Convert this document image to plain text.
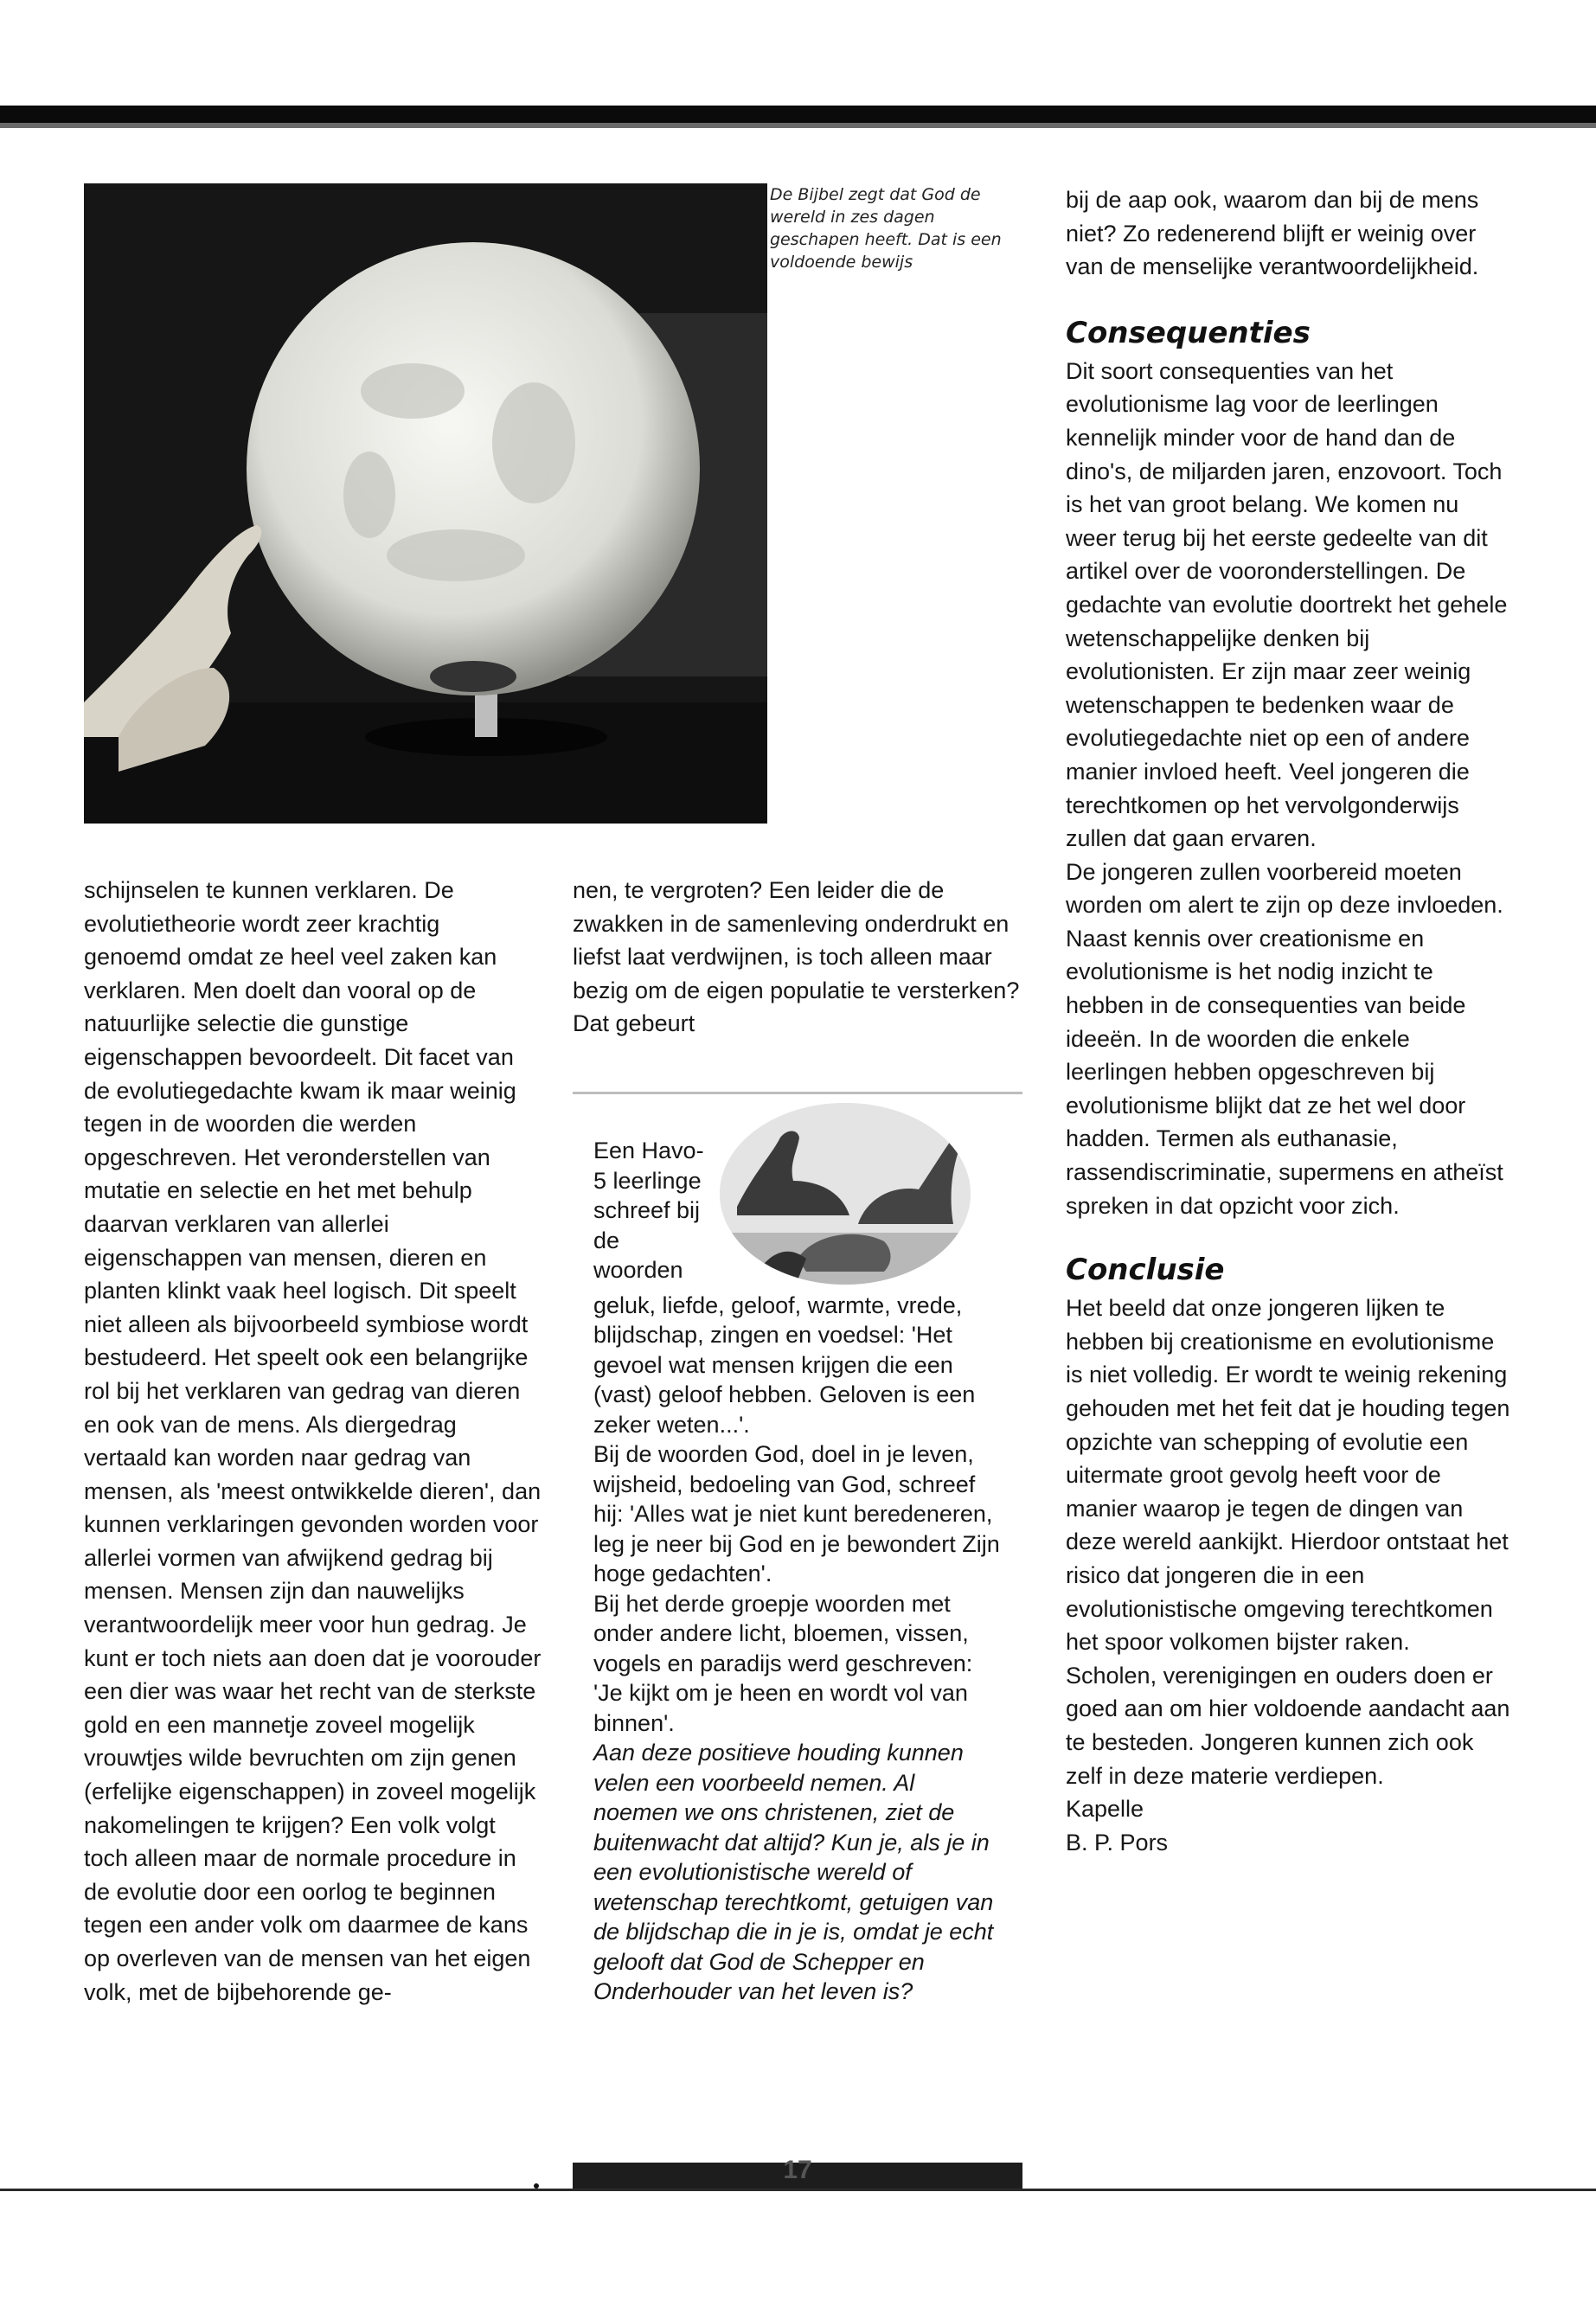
De Bijbel zegt dat God de wereld in zes dagen geschapen heeft. Dat is een voldoende bewijs

schijnselen te kunnen verklaren. De evolutietheorie wordt zeer krachtig genoemd omdat ze heel veel zaken kan verklaren. Men doelt dan vooral op de natuurlijke selectie die gunstige eigenschappen bevoordeelt. Dit facet van de evolutiegedachte kwam ik maar weinig tegen in de woorden die werden opgeschreven. Het veronderstellen van mutatie en selectie en het met behulp daarvan verklaren van allerlei eigenschappen van mensen, dieren en planten klinkt vaak heel logisch. Dit speelt niet alleen als bijvoorbeeld symbiose wordt bestudeerd. Het speelt ook een belangrijke rol bij het verklaren van gedrag van dieren en ook van de mens. Als diergedrag vertaald kan worden naar gedrag van mensen, als 'meest ontwikkelde dieren', dan kunnen verklaringen gevonden worden voor allerlei vormen van afwijkend gedrag bij mensen. Mensen zijn dan nauwelijks verantwoordelijk meer voor hun gedrag. Je kunt er toch niets aan doen dat je voorouder een dier was waar het recht van de sterkste gold en een mannetje zoveel mogelijk vrouwtjes wilde bevruchten om zijn genen (erfelijke eigenschappen) in zoveel mogelijk nakomelingen te krijgen? Een volk volgt toch alleen maar de normale procedure in de evolutie door een oorlog te beginnen tegen een ander volk om daarmee de kans op overleven van de mensen van het eigen volk, met de bijbehorende ge-

nen, te vergroten? Een leider die de zwakken in de samenleving onderdrukt en liefst laat verdwijnen, is toch alleen maar bezig om de eigen populatie te versterken? Dat gebeurt

Een Havo-5 leerlinge schreef bij de woorden

geluk, liefde, geloof, warmte, vrede, blijdschap, zingen en voedsel: 'Het gevoel wat mensen krijgen die een (vast) geloof hebben. Geloven is een zeker weten...'.

Bij de woorden God, doel in je leven, wijsheid, bedoeling van God, schreef hij: 'Alles wat je niet kunt beredeneren, leg je neer bij God en je bewondert Zijn hoge gedachten'.

Bij het derde groepje woorden met onder andere licht, bloemen, vissen, vogels en paradijs werd geschreven: 'Je kijkt om je heen en wordt vol van binnen'.

Aan deze positieve houding kunnen velen een voorbeeld nemen. Al noemen we ons christenen, ziet de buitenwacht dat altijd? Kun je, als je in een evolutionistische wereld of wetenschap terechtkomt, getuigen van de blijdschap die in je is, omdat je echt gelooft dat God de Schepper en Onderhouder van het leven is?

bij de aap ook, waarom dan bij de mens niet? Zo redenerend blijft er weinig over van de menselijke verantwoordelijkheid.

Consequenties

Dit soort consequenties van het evolutionisme lag voor de leerlingen kennelijk minder voor de hand dan de dino's, de miljarden jaren, enzovoort. Toch is het van groot belang. We komen nu weer terug bij het eerste gedeelte van dit artikel over de vooronderstellingen. De gedachte van evolutie doortrekt het gehele wetenschappelijke denken bij evolutionisten. Er zijn maar zeer weinig wetenschappen te bedenken waar de evolutiegedachte niet op een of andere manier invloed heeft. Veel jongeren die terechtkomen op het vervolgonderwijs zullen dat gaan ervaren.

De jongeren zullen voorbereid moeten worden om alert te zijn op deze invloeden. Naast kennis over creationisme en evolutionisme is het nodig inzicht te hebben in de consequenties van beide ideeën. In de woorden die enkele leerlingen hebben opgeschreven bij evolutionisme blijkt dat ze het wel door hadden. Termen als euthanasie, rassendiscriminatie, supermens en atheïst spreken in dat opzicht voor zich.

Conclusie

Het beeld dat onze jongeren lijken te hebben bij creationisme en evolutionisme is niet volledig. Er wordt te weinig rekening gehouden met het feit dat je houding tegen opzichte van schepping of evolutie een uitermate groot gevolg heeft voor de manier waarop je tegen de dingen van deze wereld aankijkt. Hierdoor ontstaat het risico dat jongeren die in een evolutionistische omgeving terechtkomen het spoor volkomen bijster raken.

Scholen, verenigingen en ouders doen er goed aan om hier voldoende aandacht aan te besteden. Jongeren kunnen zich ook zelf in deze materie verdiepen.

Kapelle

B. P. Pors

17
